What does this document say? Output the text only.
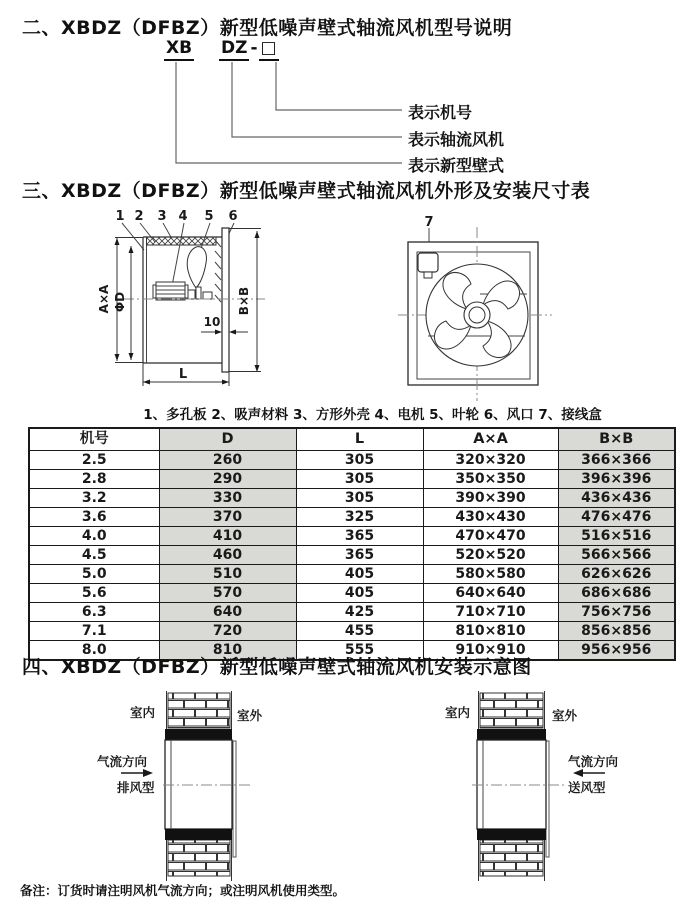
二、XBDZ（DFBZ）新型低噪声壁式轴流风机型号说明
XB DZ - □
表示机号
表示轴流风机
表示新型壁式
三、XBDZ（DFBZ）新型低噪声壁式轴流风机外形及安装尺寸表
1 2 3 4 5 6
A×A ΦD	B×B
10
L
7
1、多孔板 2、吸声材料 3、方形外壳 4、电机 5、叶轮 6、风口 7、接线盒
机号	D	L	A×A	B×B
2.5	260	305	320×320	366×366
2.8	290	305	350×350	396×396
3.2	330	305	390×390	436×436
3.6	370	325	430×430	476×476
4.0	410	365	470×470	516×516
4.5	460	365	520×520	566×566
5.0	510	405	580×580	626×626
5.6	570	405	640×640	686×686
6.3	640	425	710×710	756×756
7.1	720	455	810×810	856×856
8.0	810	555	910×910	956×956
四、XBDZ（DFBZ）新型低噪声壁式轴流风机安装示意图
室内	室外
气流方向
排风型
室内	室外
气流方向
送风型
备注：订货时请注明风机气流方向；或注明风机使用类型。
